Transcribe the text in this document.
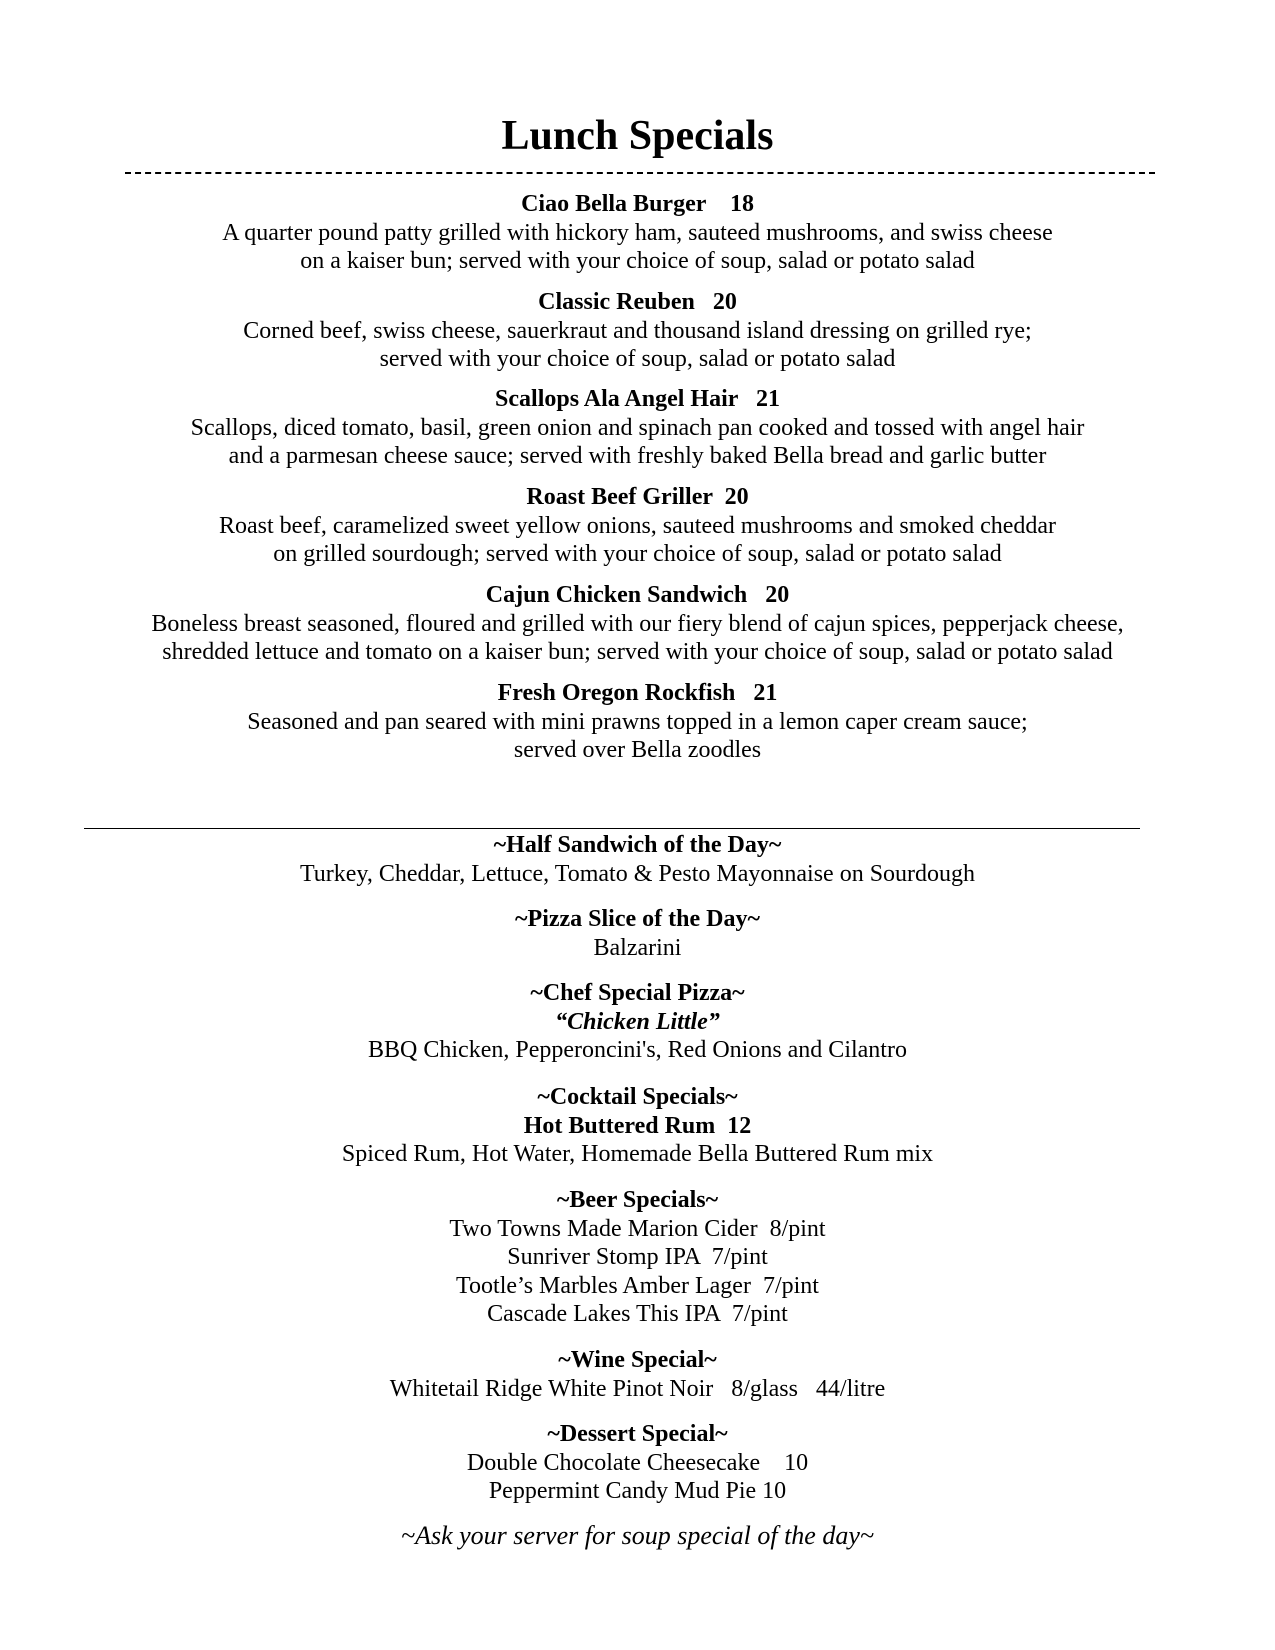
Lunch Specials
Ciao Bella Burger    18
A quarter pound patty grilled with hickory ham, sauteed mushrooms, and swiss cheese
on a kaiser bun; served with your choice of soup, salad or potato salad
Classic Reuben   20
Corned beef, swiss cheese, sauerkraut and thousand island dressing on grilled rye;
served with your choice of soup, salad or potato salad
Scallops Ala Angel Hair   21
Scallops, diced tomato, basil, green onion and spinach pan cooked and tossed with angel hair
and a parmesan cheese sauce; served with freshly baked Bella bread and garlic butter
Roast Beef Griller  20
Roast beef, caramelized sweet yellow onions, sauteed mushrooms and smoked cheddar
on grilled sourdough; served with your choice of soup, salad or potato salad
Cajun Chicken Sandwich   20
Boneless breast seasoned, floured and grilled with our fiery blend of cajun spices, pepperjack cheese,
shredded lettuce and tomato on a kaiser bun; served with your choice of soup, salad or potato salad
Fresh Oregon Rockfish   21
Seasoned and pan seared with mini prawns topped in a lemon caper cream sauce;
served over Bella zoodles
~Half Sandwich of the Day~
Turkey, Cheddar, Lettuce, Tomato & Pesto Mayonnaise on Sourdough
~Pizza Slice of the Day~
Balzarini
~Chef Special Pizza~
“Chicken Little”
BBQ Chicken, Pepperoncini's, Red Onions and Cilantro
~Cocktail Specials~
Hot Buttered Rum  12
Spiced Rum, Hot Water, Homemade Bella Buttered Rum mix
~Beer Specials~
Two Towns Made Marion Cider  8/pint
Sunriver Stomp IPA  7/pint
Tootle’s Marbles Amber Lager  7/pint
Cascade Lakes This IPA  7/pint
~Wine Special~
Whitetail Ridge White Pinot Noir   8/glass   44/litre
~Dessert Special~
Double Chocolate Cheesecake    10
Peppermint Candy Mud Pie 10
~Ask your server for soup special of the day~
